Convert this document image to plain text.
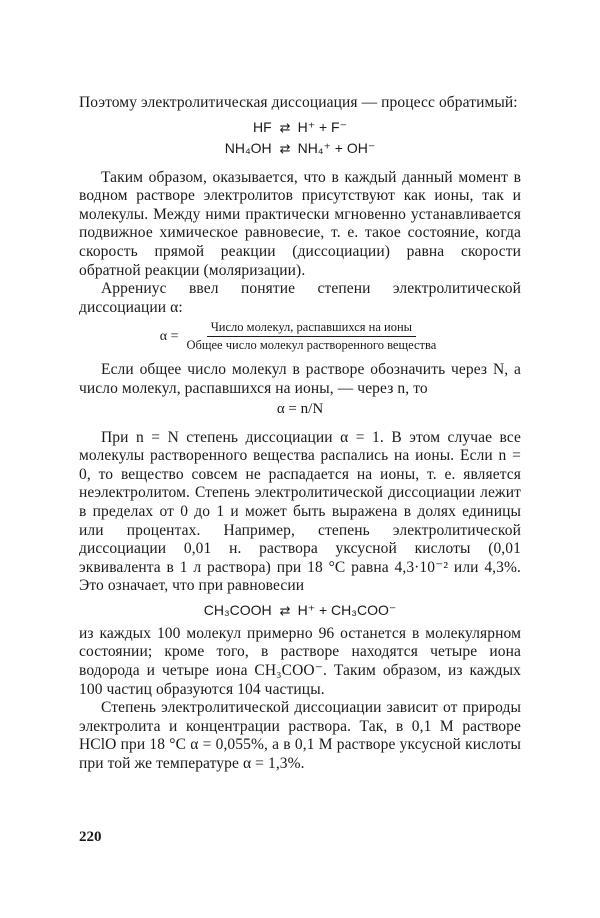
Поэтому электролитическая диссоциация — процесс обратимый:

HF ⇄ H⁺ + F⁻

NH₄OH ⇄ NH₄⁺ + OH⁻

Таким образом, оказывается, что в каждый данный момент в водном растворе электролитов присутствуют как ионы, так и молекулы. Между ними практически мгновенно устанавливается подвижное химическое равновесие, т. е. такое состояние, когда скорость прямой реакции (диссоциации) равна скорости обратной реакции (моляризации).

Аррениус ввел понятие степени электролитической диссоциации α:

$\alpha = \frac{\text{Число молекул, распавшихся на ионы}}{\text{Общее число молекул растворенного вещества}}$

Если общее число молекул в растворе обозначить через N, а число молекул, распавшихся на ионы, — через n, то

α = n/N

При n = N степень диссоциации α = 1. В этом случае все молекулы растворенного вещества распались на ионы. Если n = 0, то вещество совсем не распадается на ионы, т. е. является неэлектролитом. Степень электролитической диссоциации лежит в пределах от 0 до 1 и может быть выражена в долях единицы или процентах. Например, степень электролитической диссоциации 0,01 н. раствора уксусной кислоты (0,01 эквивалента в 1 л раствора) при 18 °С равна 4,3·10⁻² или 4,3%. Это означает, что при равновесии

CH₃COOH ⇄ H⁺ + CH₃COO⁻

из каждых 100 молекул примерно 96 останется в молекулярном состоянии; кроме того, в растворе находятся четыре иона водорода и четыре иона CH₃COO⁻. Таким образом, из каждых 100 частиц образуются 104 частицы.

Степень электролитической диссоциации зависит от природы электролита и концентрации раствора. Так, в 0,1 M растворе HClO при 18 °С α = 0,055%, а в 0,1 M растворе уксусной кислоты при той же температуре α = 1,3%.

220
